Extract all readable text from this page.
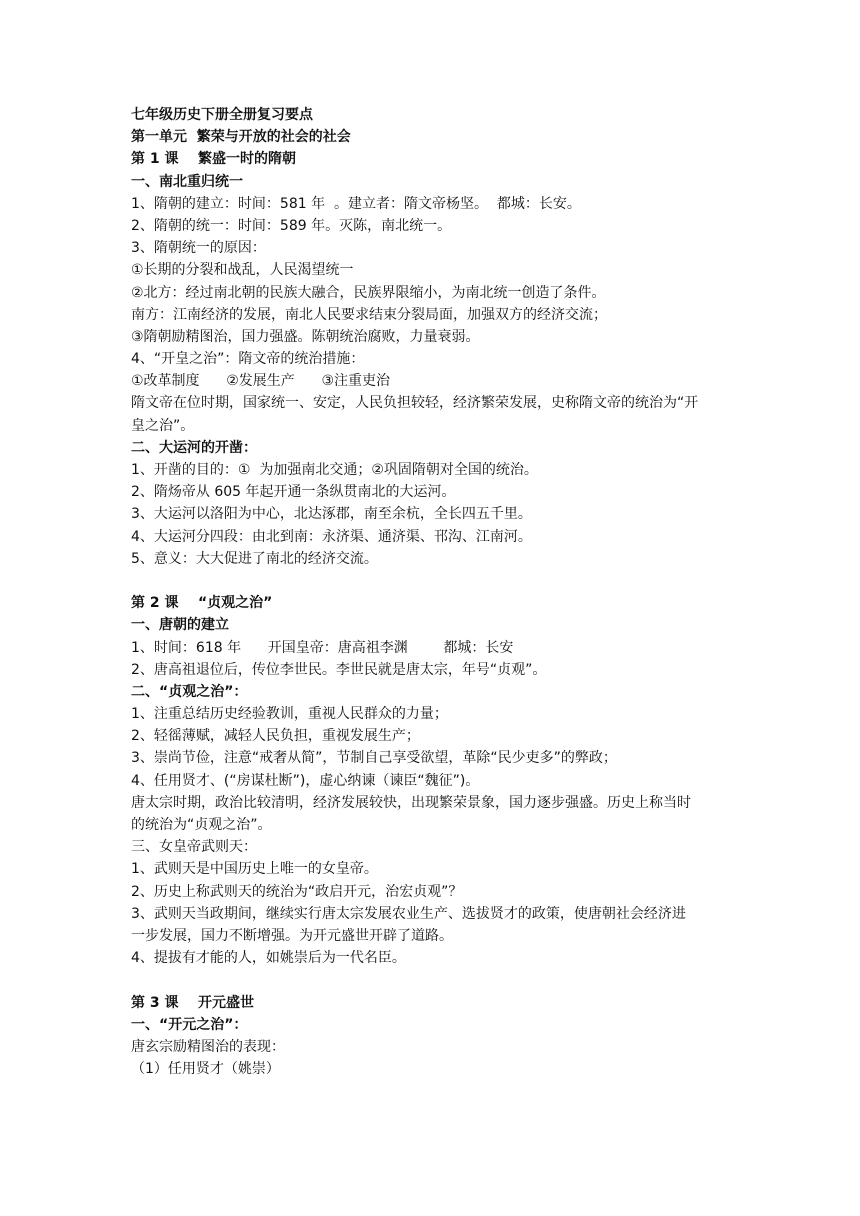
七年级历史下册全册复习要点
第一单元  繁荣与开放的社会的社会
第 1 课    繁盛一时的隋朝
一、南北重归统一
1、隋朝的建立：时间：581 年  。建立者：隋文帝杨坚。  都城：长安。
2、隋朝的统一：时间：589 年。灭陈，南北统一。
3、隋朝统一的原因：
①长期的分裂和战乱，人民渴望统一
②北方：经过南北朝的民族大融合，民族界限缩小，为南北统一创造了条件。
南方：江南经济的发展，南北人民要求结束分裂局面，加强双方的经济交流；
③隋朝励精图治，国力强盛。陈朝统治腐败，力量衰弱。
4、“开皇之治”：隋文帝的统治措施：
①改革制度      ②发展生产      ③注重吏治
隋文帝在位时期，国家统一、安定，人民负担较轻，经济繁荣发展，史称隋文帝的统治为“开
皇之治”。
二、大运河的开凿：
1、开凿的目的：①  为加强南北交通；②巩固隋朝对全国的统治。
2、隋炀帝从 605 年起开通一条纵贯南北的大运河。
3、大运河以洛阳为中心，北达涿郡，南至余杭，全长四五千里。
4、大运河分四段：由北到南：永济渠、通济渠、邗沟、江南河。
5、意义：大大促进了南北的经济交流。
第 2 课    “贞观之治”
一、唐朝的建立
1、时间：618 年      开国皇帝：唐高祖李渊        都城：长安
2、唐高祖退位后，传位李世民。李世民就是唐太宗，年号“贞观”。
二、“贞观之治”：
1、注重总结历史经验教训，重视人民群众的力量；
2、轻徭薄赋，减轻人民负担，重视发展生产；
3、崇尚节俭，注意“戒奢从简”，节制自己享受欲望，革除“民少吏多”的弊政；
4、任用贤才、(“房谋杜断”)，虚心纳谏（谏臣“魏征”)。
唐太宗时期，政治比较清明，经济发展较快，出现繁荣景象，国力逐步强盛。历史上称当时
的统治为“贞观之治”。
三、女皇帝武则天：
1、武则天是中国历史上唯一的女皇帝。
2、历史上称武则天的统治为“政启开元，治宏贞观”？
3、武则天当政期间，继续实行唐太宗发展农业生产、选拔贤才的政策，使唐朝社会经济进
一步发展，国力不断增强。为开元盛世开辟了道路。
4、提拔有才能的人，如姚崇后为一代名臣。
第 3 课    开元盛世
一、“开元之治”：
唐玄宗励精图治的表现：
（1）任用贤才（姚崇）
